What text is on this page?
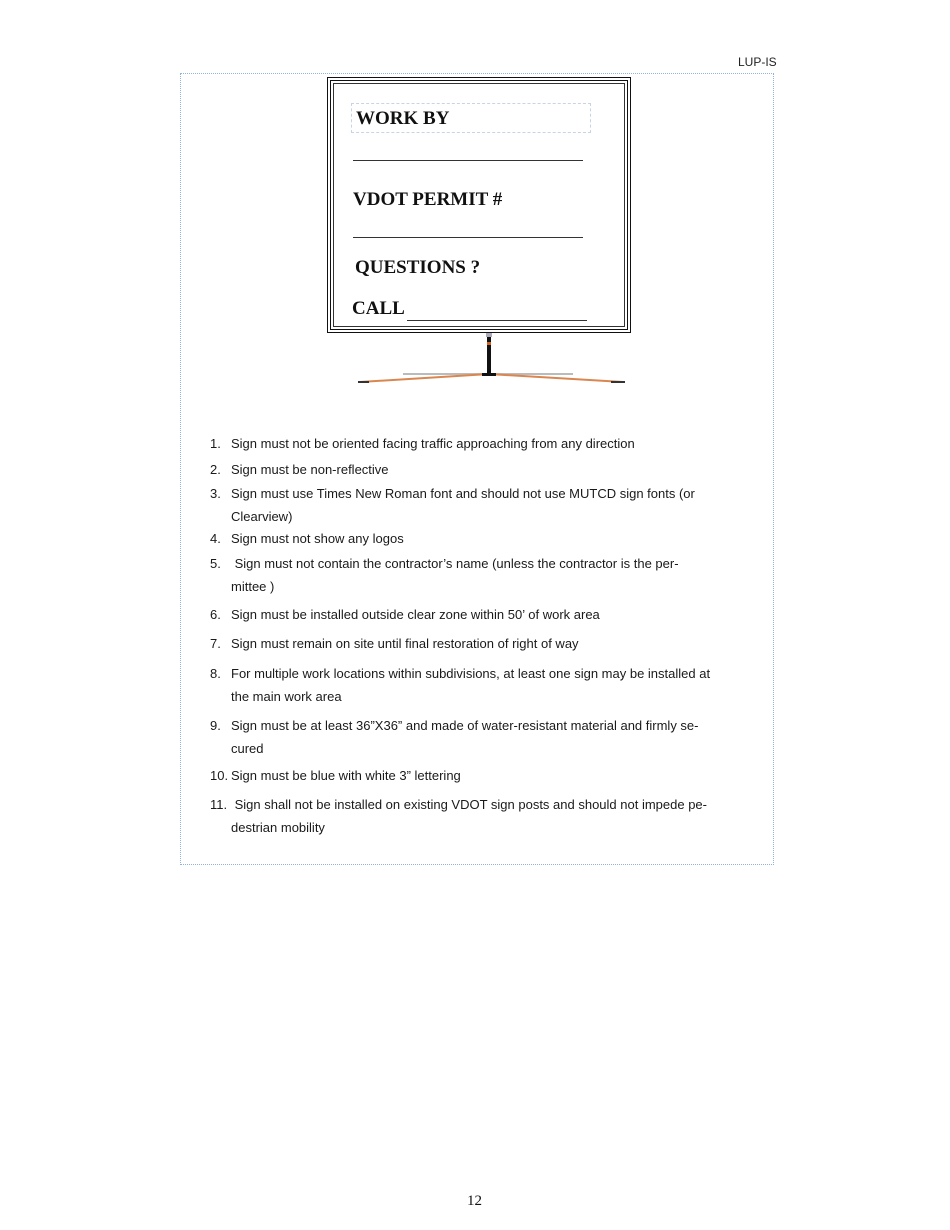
LUP-IS
WORK BY
VDOT PERMIT #
QUESTIONS ?
CALL
1. Sign must not be oriented facing traffic approaching from any direction
2. Sign must be non-reflective
3. Sign must use Times New Roman font and should not use MUTCD sign fonts (or
Clearview)
4. Sign must not show any logos
5. Sign must not contain the contractor’s name (unless the contractor is the per-
mittee )
6. Sign must be installed outside clear zone within 50’ of work area
7. Sign must remain on site until final restoration of right of way
8. For multiple work locations within subdivisions, at least one sign may be installed at
the main work area
9. Sign must be at least 36”X36” and made of water-resistant material and firmly se-
cured
10. Sign must be blue with white 3” lettering
11. Sign shall not be installed on existing VDOT sign posts and should not impede pe-
destrian mobility
12
